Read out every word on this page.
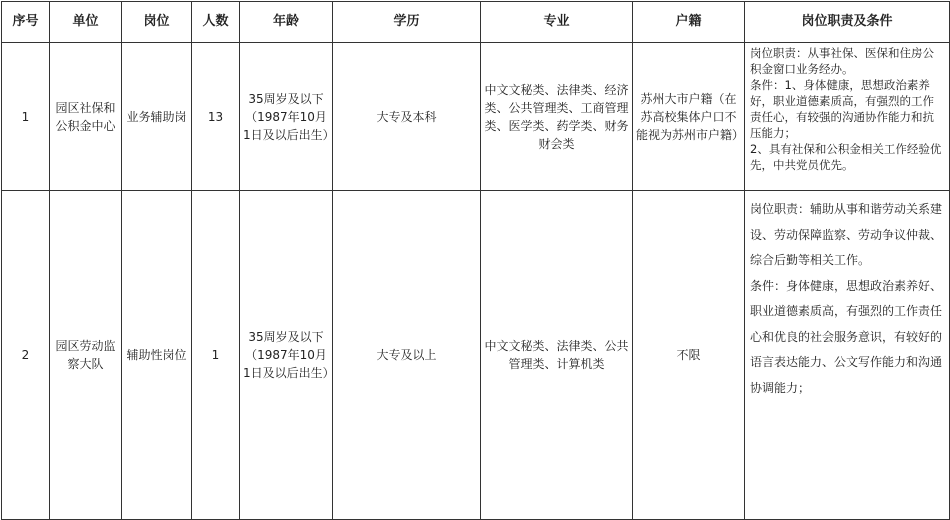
序号	单位	岗位	人数	年龄	学历	专业	户籍	岗位职责及条件
1	园区社保和公积金中心	业务辅助岗	13	35周岁及以下（1987年10月1日及以后出生）	大专及本科	中文文秘类、法律类、经济类、公共管理类、工商管理类、医学类、药学类、财务财会类	苏州大市户籍（在苏高校集体户口不能视为苏州市户籍）	岗位职责：从事社保、医保和住房公积金窗口业务经办。

条件：1、身体健康，思想政治素养好，职业道德素质高，有强烈的工作责任心，有较强的沟通协作能力和抗压能力；

2、具有社保和公积金相关工作经验优先，中共党员优先。

2	园区劳动监察大队	辅助性岗位	1	35周岁及以下（1987年10月1日及以后出生）	大专及以上	中文文秘类、法律类、公共管理类、计算机类	不限	岗位职责：辅助从事和谐劳动关系建设、劳动保障监察、劳动争议仲裁、综合后勤等相关工作。

条件：身体健康，思想政治素养好、职业道德素质高，有强烈的工作责任心和优良的社会服务意识，有较好的语言表达能力、公文写作能力和沟通协调能力；
